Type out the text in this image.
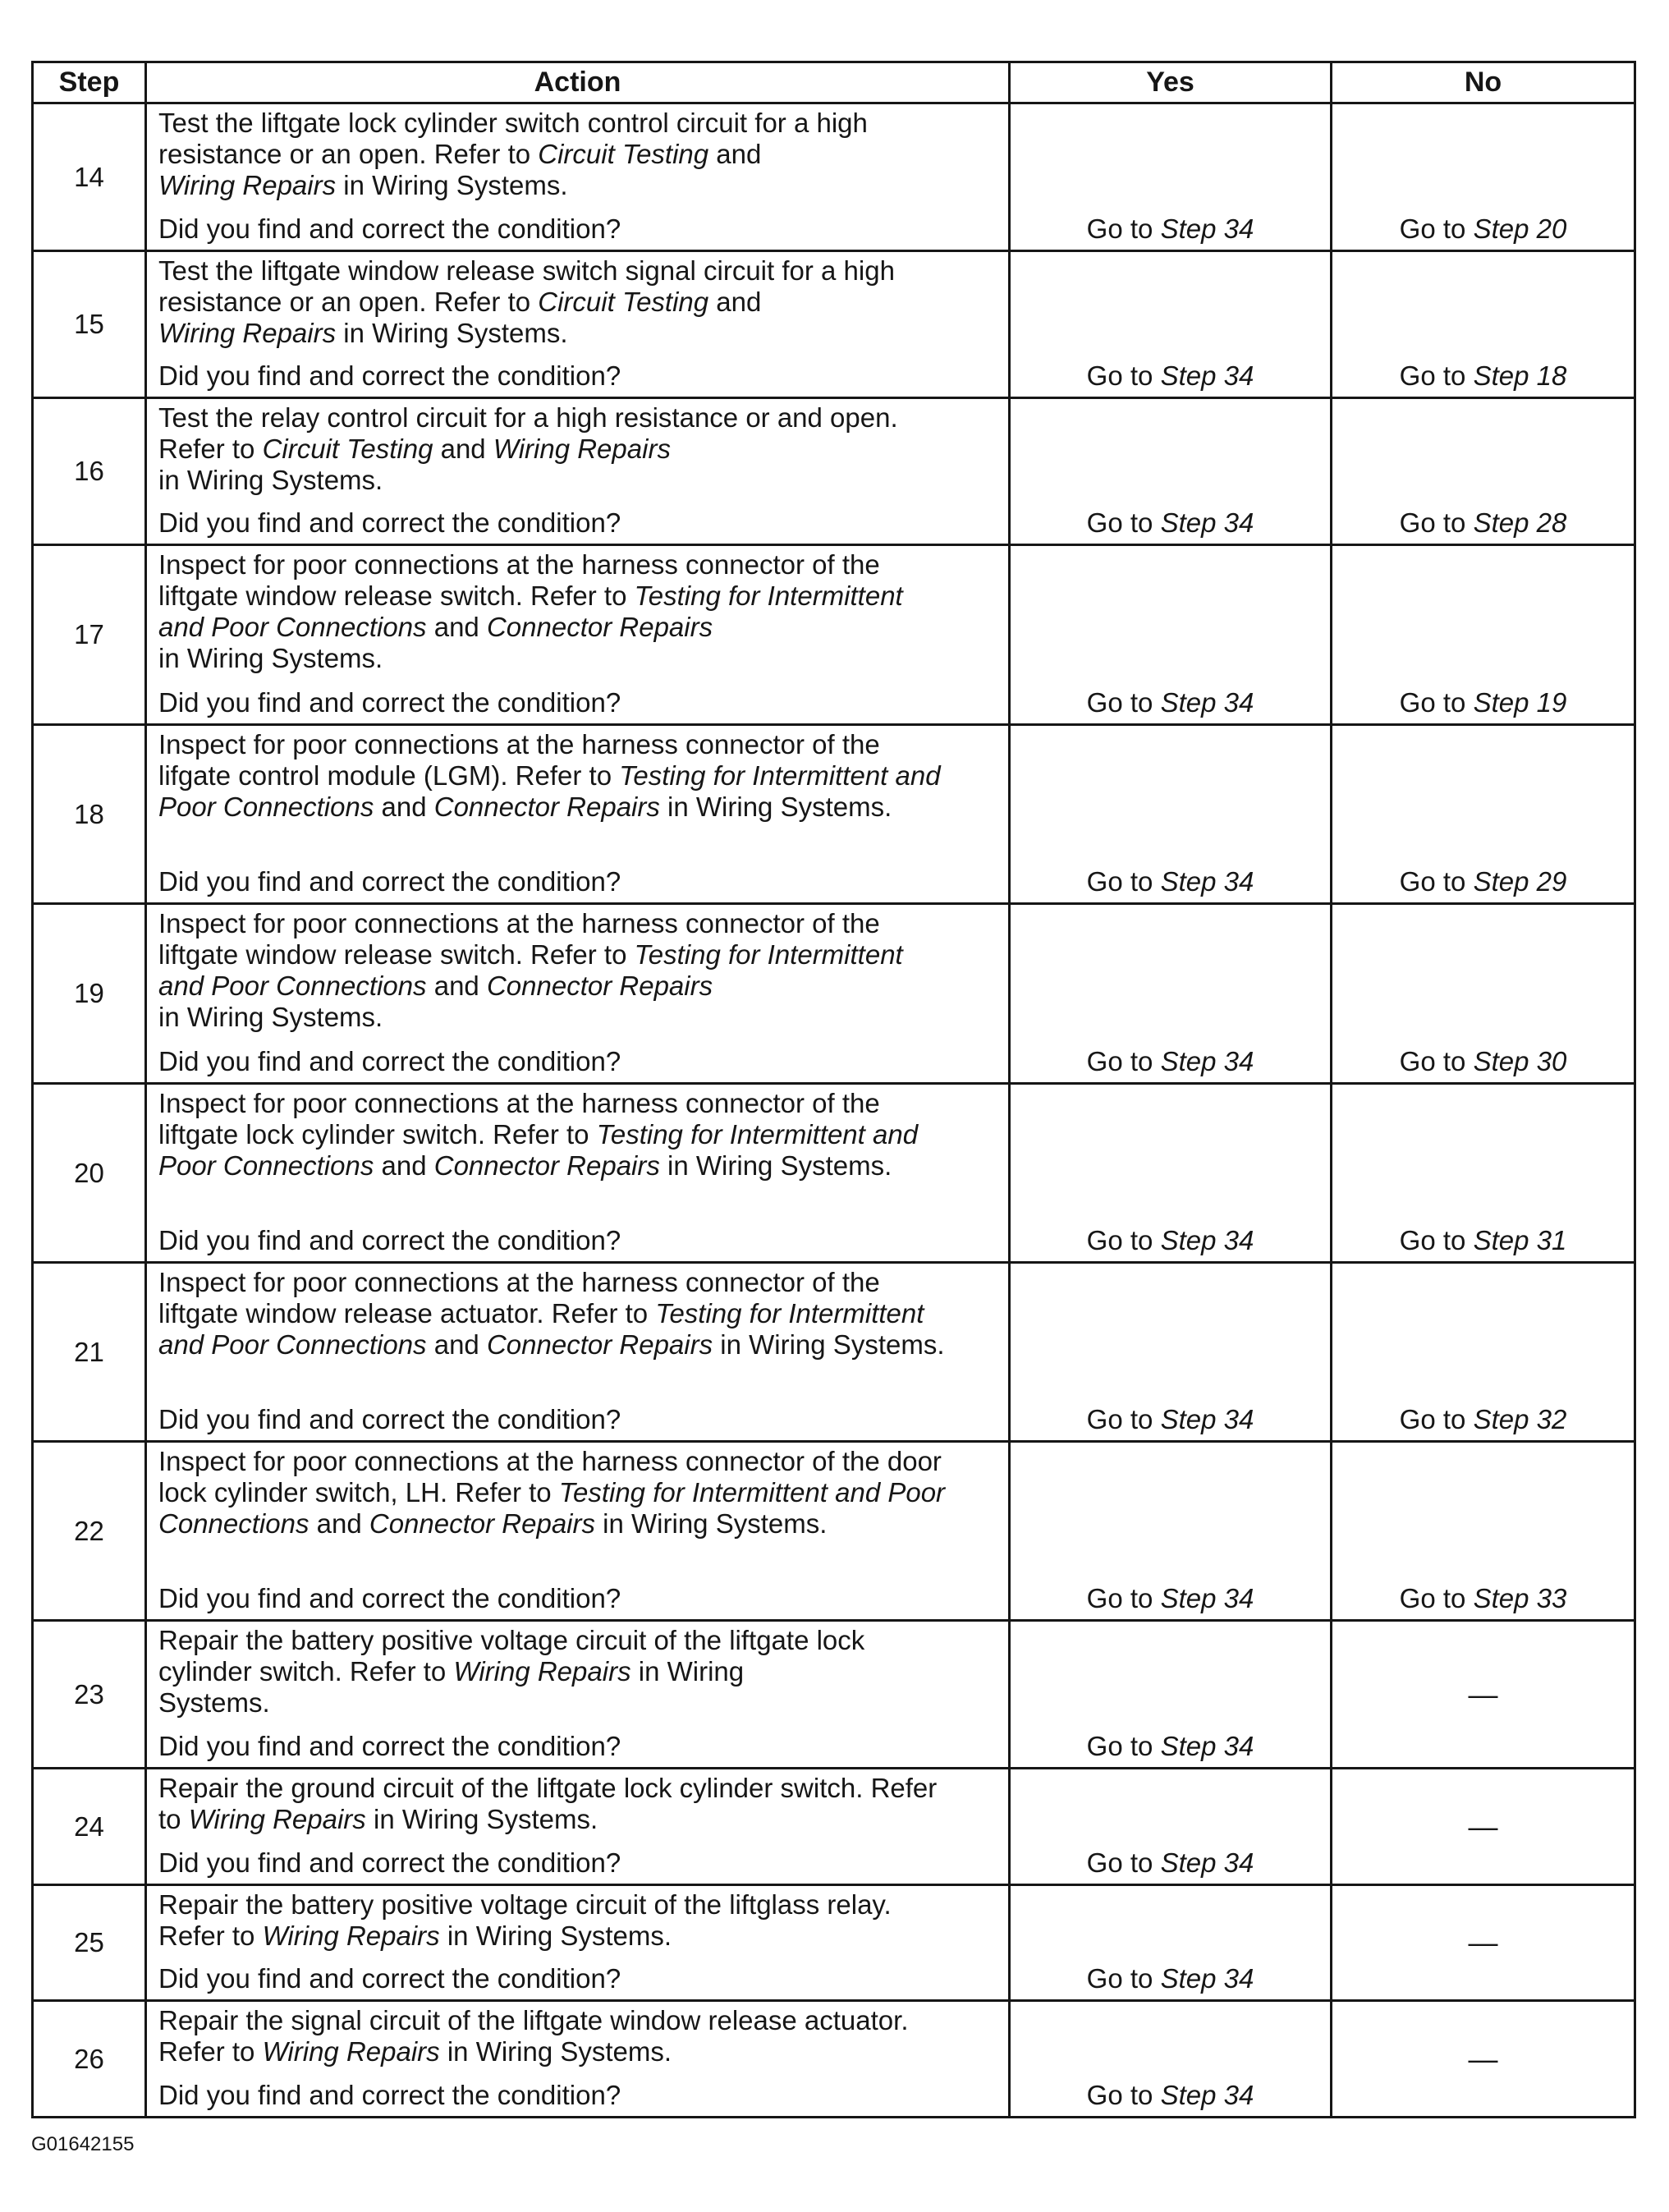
Step	Action	Yes	No
14	Test the liftgate lock cylinder switch control circuit for a high
resistance or an open. Refer to Circuit Testing and
Wiring Repairs in Wiring Systems.
Did you find and correct the condition?	Go to Step 34	Go to Step 20
15	Test the liftgate window release switch signal circuit for a high
resistance or an open. Refer to Circuit Testing and
Wiring Repairs in Wiring Systems.
Did you find and correct the condition?	Go to Step 34	Go to Step 18
16	Test the relay control circuit for a high resistance or and open.
Refer to Circuit Testing and Wiring Repairs
in Wiring Systems.
Did you find and correct the condition?	Go to Step 34	Go to Step 28
17	Inspect for poor connections at the harness connector of the
liftgate window release switch. Refer to Testing for Intermittent
and Poor Connections and Connector Repairs
in Wiring Systems.
Did you find and correct the condition?	Go to Step 34	Go to Step 19
18	Inspect for poor connections at the harness connector of the
lifgate control module (LGM). Refer to Testing for Intermittent and
Poor Connections and Connector Repairs in Wiring Systems.
Did you find and correct the condition?	Go to Step 34	Go to Step 29
19	Inspect for poor connections at the harness connector of the
liftgate window release switch. Refer to Testing for Intermittent
and Poor Connections and Connector Repairs
in Wiring Systems.
Did you find and correct the condition?	Go to Step 34	Go to Step 30
20	Inspect for poor connections at the harness connector of the
liftgate lock cylinder switch. Refer to Testing for Intermittent and
Poor Connections and Connector Repairs in Wiring Systems.
Did you find and correct the condition?	Go to Step 34	Go to Step 31
21	Inspect for poor connections at the harness connector of the
liftgate window release actuator. Refer to Testing for Intermittent
and Poor Connections and Connector Repairs in Wiring Systems.
Did you find and correct the condition?	Go to Step 34	Go to Step 32
22	Inspect for poor connections at the harness connector of the door
lock cylinder switch, LH. Refer to Testing for Intermittent and Poor
Connections and Connector Repairs in Wiring Systems.
Did you find and correct the condition?	Go to Step 34	Go to Step 33
23	Repair the battery positive voltage circuit of the liftgate lock
cylinder switch. Refer to Wiring Repairs in Wiring
Systems.
Did you find and correct the condition?	Go to Step 34	—
24	Repair the ground circuit of the liftgate lock cylinder switch. Refer
to Wiring Repairs in Wiring Systems.
Did you find and correct the condition?	Go to Step 34	—
25	Repair the battery positive voltage circuit of the liftglass relay.
Refer to Wiring Repairs in Wiring Systems.
Did you find and correct the condition?	Go to Step 34	—
26	Repair the signal circuit of the liftgate window release actuator.
Refer to Wiring Repairs in Wiring Systems.
Did you find and correct the condition?	Go to Step 34	—
G01642155
